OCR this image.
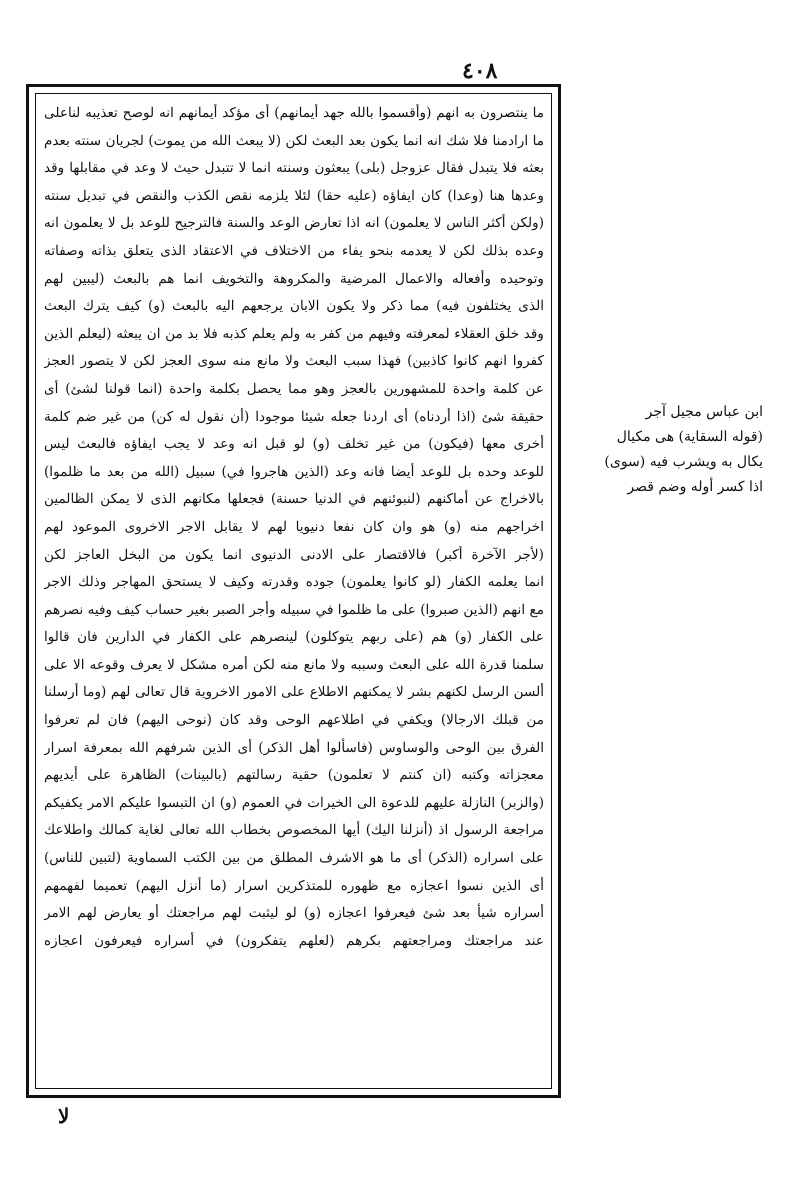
٤٠٨
ما ينتصرون به انهم (وأقسموا بالله جهد أيمانهم) أى مؤكد أيمانهم انه لوصح تعذيبه لناعلى
ما ارادمنا فلا شك انه انما يكون بعد البعث لكن (لا يبعث الله من يموت) لجريان سنته بعدم
بعثه فلا يتبدل فقال عزوجل (بلى) يبعثون وسنته انما لا تتبدل حيث لا وعد في مقابلها وقد
وعدها هنا (وعدا) كان ايفاؤه (عليه حقا) لئلا يلزمه نقص الكذب والنقص في تبديل سنته
(ولكن أكثر الناس لا يعلمون) انه اذا تعارض الوعد والسنة فالترجيح للوعد بل لا يعلمون انه
وعده بذلك لكن لا يعدمه بنحو يفاء من الاختلاف في الاعتقاد الذى يتعلق بذاته وصفاته
وتوحيده وأفعاله والاعمال المرضية والمكروهة والتخويف انما هم بالبعث (ليبين لهم
الذى يختلفون فيه) مما ذكر ولا يكون الابان يرجعهم اليه بالبعث (و) كيف يترك البعث
وقد خلق العقلاء لمعرفته وفيهم من كفر به ولم يعلم كذبه فلا بد من ان يبعثه (ليعلم الذين
كفروا انهم كانوا كاذبين) فهذا سبب البعث ولا مانع منه سوى العجز لكن لا يتصور العجز
عن كلمة واحدة للمشهورين بالعجز وهو مما يحصل بكلمة واحدة (انما قولنا لشئ) أى
حقيقة شئ (اذا أردناه) أى اردنا جعله شيئا موجودا (أن نقول له كن) من غير ضم كلمة
أخرى معها (فيكون) من غير تخلف (و) لو قبل انه وعد لا يجب ايفاؤه فالبعث ليس
للوعد وحده بل للوعد أيضا فانه وعد (الذين هاجروا في) سبيل (الله من بعد ما ظلموا)
بالاخراج عن أماكنهم (لنبوئنهم في الدنيا حسنة) فجعلها مكانهم الذى لا يمكن الظالمين
اخراجهم منه (و) هو وان كان نفعا دنيويا لهم لا يقابل الاجر الاخروى الموعود لهم
(لأجر الآخرة أكبر) فالاقتصار على الادنى الدنيوى انما يكون من البخل العاجز لكن
انما يعلمه الكفار (لو كانوا يعلمون) جوده وقدرته وكيف لا يستحق المهاجر وذلك الاجر
مع انهم (الذين صبروا) على ما ظلموا في سبيله وأجر الصبر بغير حساب كيف وفيه نصرهم
على الكفار (و) هم (على ربهم يتوكلون) لينصرهم على الكفار في الدارين فان قالوا
سلمنا قدرة الله على البعث وسببه ولا مانع منه لكن أمره مشكل لا يعرف وقوعه الا على
ألسن الرسل لكنهم بشر لا يمكنهم الاطلاع على الامور الاخروية قال تعالى لهم (وما أرسلنا
من قبلك الارجالا) ويكفي في اطلاعهم الوحى وقد كان (نوحى اليهم) فان لم تعرفوا
الفرق بين الوحى والوساوس (فاسألوا أهل الذكر) أى الذين شرفهم الله بمعرفة اسرار
معجزاته وكتبه (ان كنتم لا تعلمون) حقية رسالتهم (بالبينات) الظاهرة على أيديهم
(والزبر) النازلة عليهم للدعوة الى الخيرات في العموم (و) ان التبسوا عليكم الامر يكفيكم
مراجعة الرسول اذ (أنزلنا اليك) أيها المخصوص بخطاب الله تعالى لغاية كمالك واطلاعك
على اسراره (الذكر) أى ما هو الاشرف المطلق من بين الكتب السماوية (لتبين للناس)
أى الذين نسوا اعجازه مع ظهوره للمتذكرين اسرار (ما أنزل اليهم) تعميما لفهمهم
أسراره شيأ بعد شئ فيعرفوا اعجازه (و) لو ليثبت لهم مراجعتك أو يعارض لهم الامر
عند مراجعتك ومراجعتهم بكرهم (لعلهم يتفكرون) في أسراره فيعرفون اعجازه
ابن عباس مجيل آجر
(قوله السقاية) هى مكيال
يكال به ويشرب فيه (سوى)
اذا كسر أوله وضم قصر
لا
